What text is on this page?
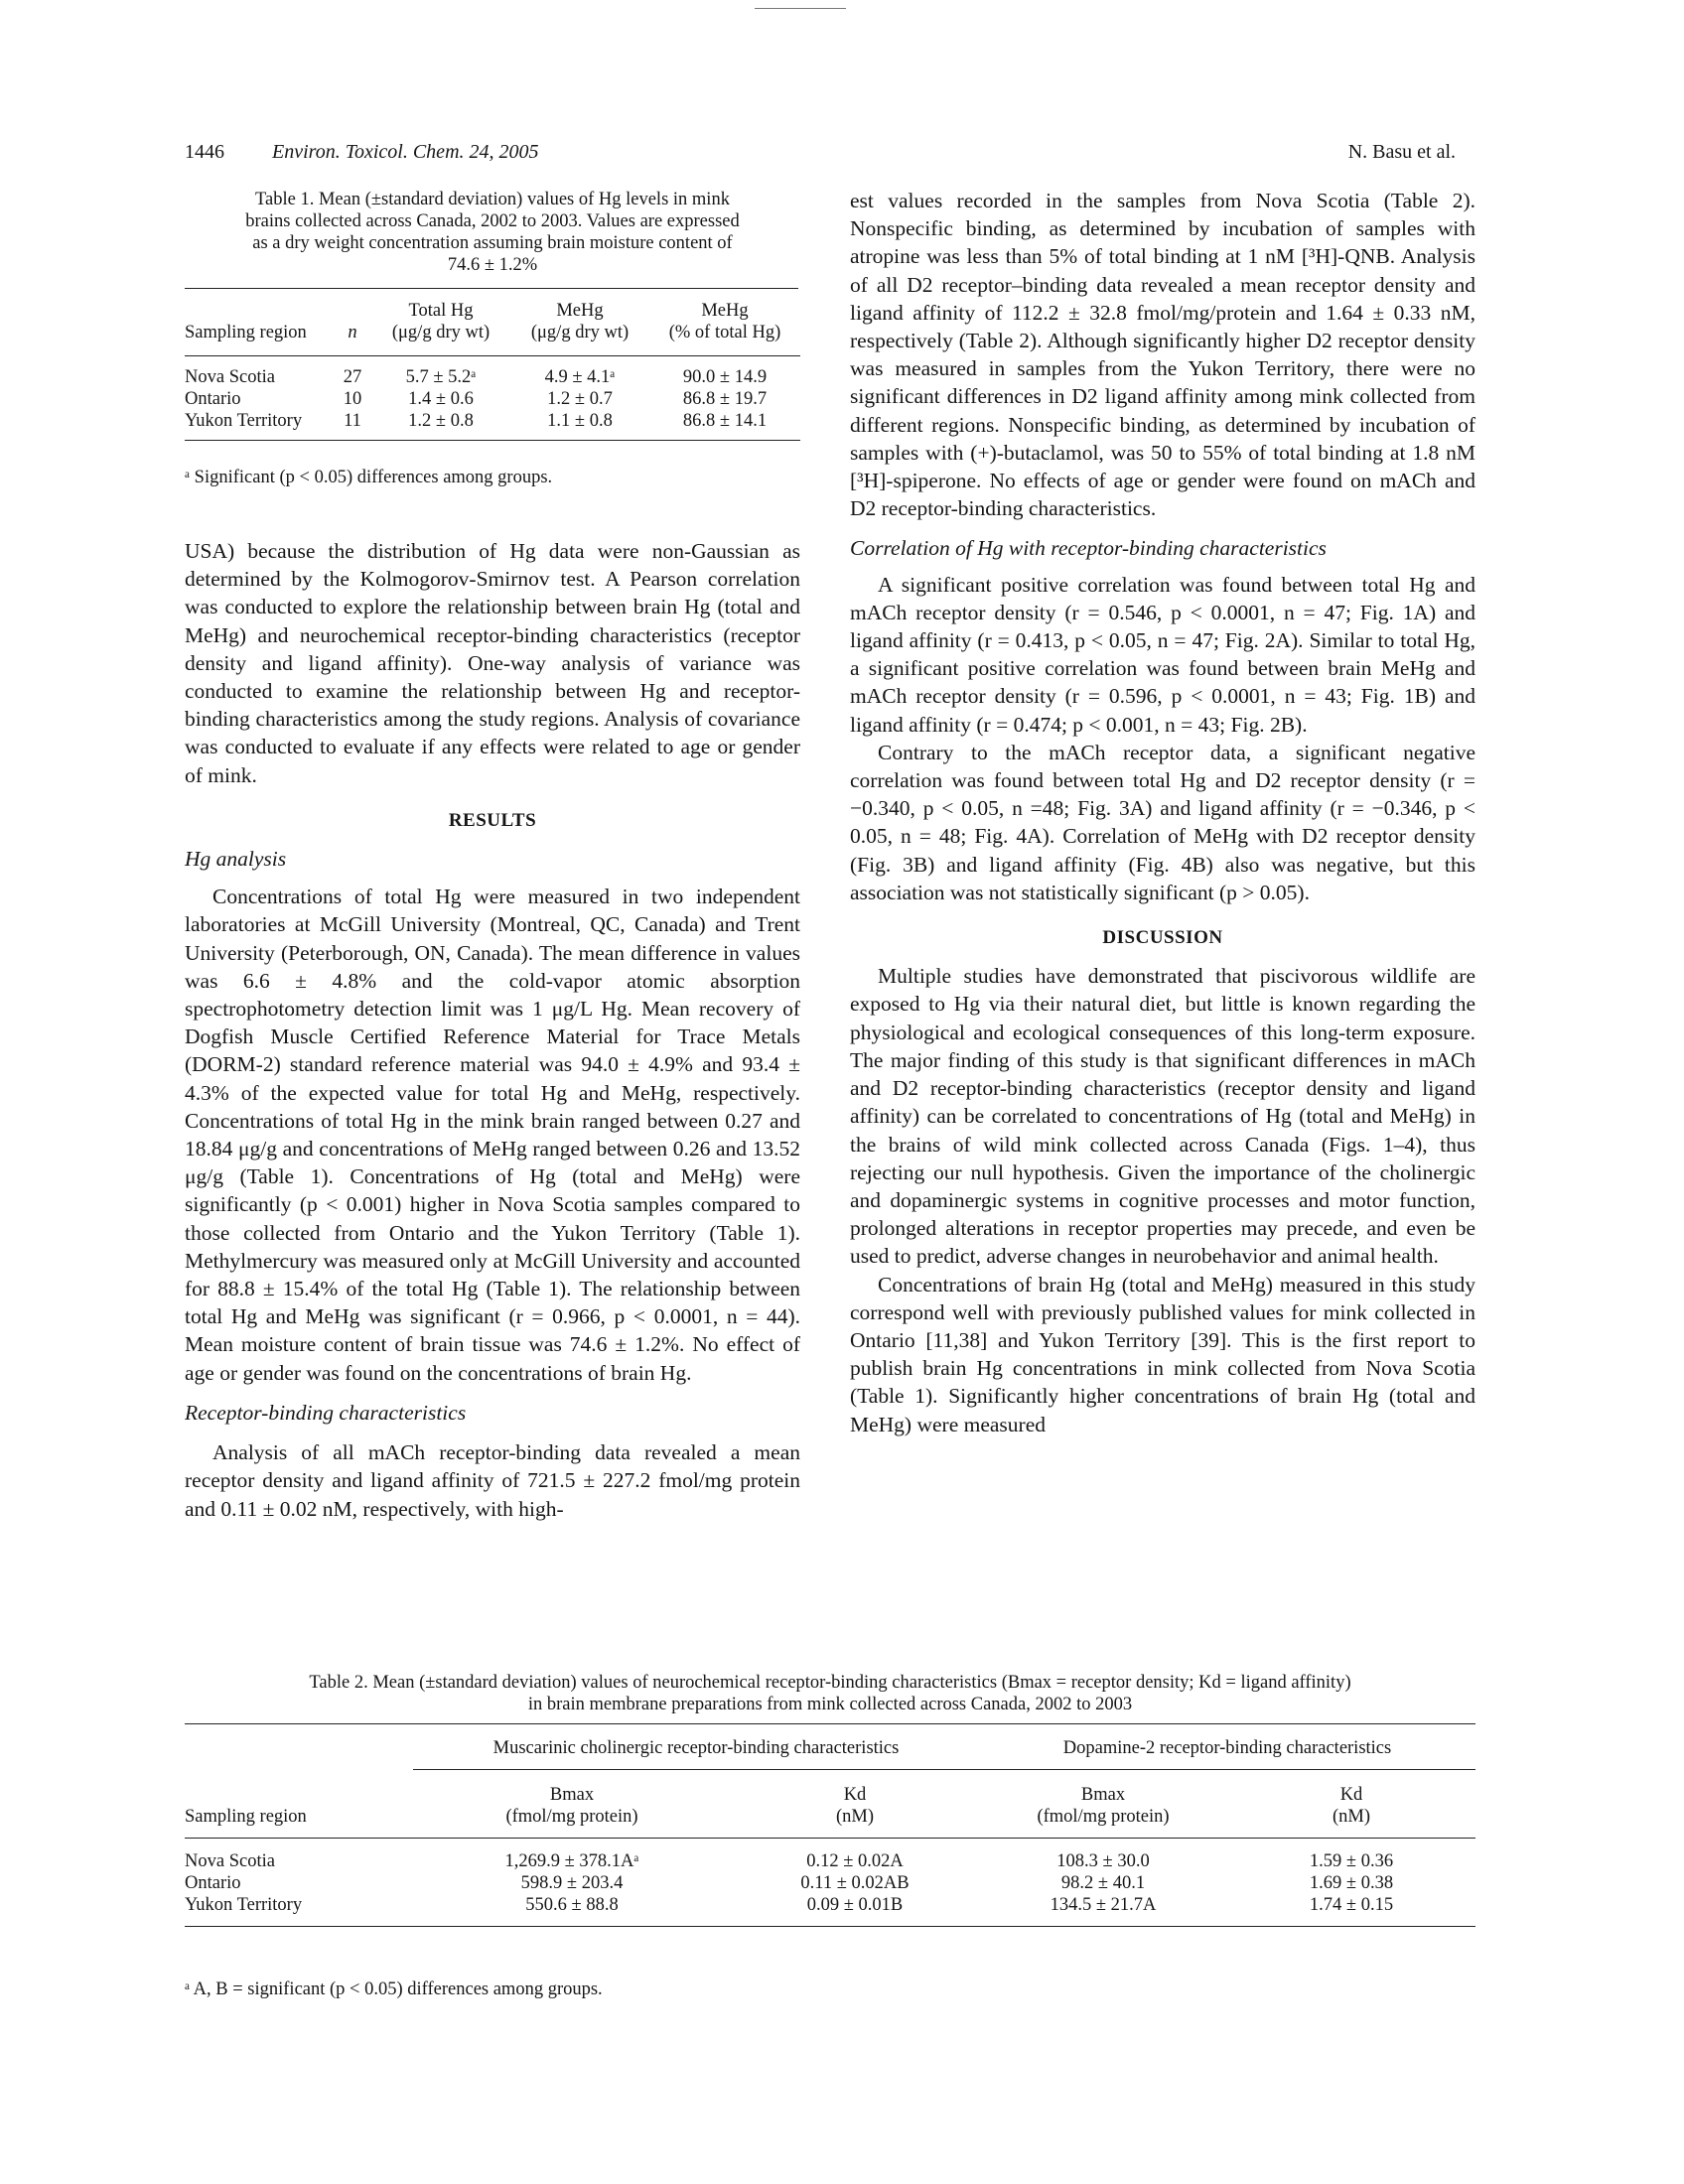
1446 Environ. Toxicol. Chem. 24, 2005	N. Basu et al.
Table 1. Mean (±standard deviation) values of Hg levels in mink
brains collected across Canada, 2002 to 2003. Values are expressed
as a dry weight concentration assuming brain moisture content of
74.6 ± 1.2%
		Total Hg	MeHg	MeHg
Sampling region	n	(μg/g dry wt)	(μg/g dry wt)	(% of total Hg)

Nova Scotia	27	5.7 ± 5.2ᵃ	4.9 ± 4.1ᵃ	90.0 ± 14.9
Ontario	10	1.4 ± 0.6	1.2 ± 0.7	86.8 ± 19.7
Yukon Territory	11	1.2 ± 0.8	1.1 ± 0.8	86.8 ± 14.1

ᵃ Significant (p < 0.05) differences among groups.

USA) because the distribution of Hg data were non-Gaussian as determined by the Kolmogorov-Smirnov test. A Pearson correlation was conducted to explore the relationship between brain Hg (total and MeHg) and neurochemical receptor-binding characteristics (receptor density and ligand affinity). One-way analysis of variance was conducted to examine the relationship between Hg and receptor-binding characteristics among the study regions. Analysis of covariance was conducted to evaluate if any effects were related to age or gender of mink.

RESULTS
Hg analysis

Concentrations of total Hg were measured in two independent laboratories at McGill University (Montreal, QC, Canada) and Trent University (Peterborough, ON, Canada). The mean difference in values was 6.6 ± 4.8% and the cold-vapor atomic absorption spectrophotometry detection limit was 1 μg/L Hg. Mean recovery of Dogfish Muscle Certified Reference Material for Trace Metals (DORM-2) standard reference material was 94.0 ± 4.9% and 93.4 ± 4.3% of the expected value for total Hg and MeHg, respectively. Concentrations of total Hg in the mink brain ranged between 0.27 and 18.84 μg/g and concentrations of MeHg ranged between 0.26 and 13.52 μg/g (Table 1). Concentrations of Hg (total and MeHg) were significantly (p < 0.001) higher in Nova Scotia samples compared to those collected from Ontario and the Yukon Territory (Table 1). Methylmercury was measured only at McGill University and accounted for 88.8 ± 15.4% of the total Hg (Table 1). The relationship between total Hg and MeHg was significant (r = 0.966, p < 0.0001, n = 44). Mean moisture content of brain tissue was 74.6 ± 1.2%. No effect of age or gender was found on the concentrations of brain Hg.

Receptor-binding characteristics

Analysis of all mACh receptor-binding data revealed a mean receptor density and ligand affinity of 721.5 ± 227.2 fmol/mg protein and 0.11 ± 0.02 nM, respectively, with high-

est values recorded in the samples from Nova Scotia (Table 2). Nonspecific binding, as determined by incubation of samples with atropine was less than 5% of total binding at 1 nM [³H]-QNB. Analysis of all D2 receptor–binding data revealed a mean receptor density and ligand affinity of 112.2 ± 32.8 fmol/mg/protein and 1.64 ± 0.33 nM, respectively (Table 2). Although significantly higher D2 receptor density was measured in samples from the Yukon Territory, there were no significant differences in D2 ligand affinity among mink collected from different regions. Nonspecific binding, as determined by incubation of samples with (+)-butaclamol, was 50 to 55% of total binding at 1.8 nM [³H]-spiperone. No effects of age or gender were found on mACh and D2 receptor-binding characteristics.

Correlation of Hg with receptor-binding characteristics

A significant positive correlation was found between total Hg and mACh receptor density (r = 0.546, p < 0.0001, n = 47; Fig. 1A) and ligand affinity (r = 0.413, p < 0.05, n = 47; Fig. 2A). Similar to total Hg, a significant positive correlation was found between brain MeHg and mACh receptor density (r = 0.596, p < 0.0001, n = 43; Fig. 1B) and ligand affinity (r = 0.474; p < 0.001, n = 43; Fig. 2B).

Contrary to the mACh receptor data, a significant negative correlation was found between total Hg and D2 receptor density (r = −0.340, p < 0.05, n =48; Fig. 3A) and ligand affinity (r = −0.346, p < 0.05, n = 48; Fig. 4A). Correlation of MeHg with D2 receptor density (Fig. 3B) and ligand affinity (Fig. 4B) also was negative, but this association was not statistically significant (p > 0.05).

DISCUSSION

Multiple studies have demonstrated that piscivorous wildlife are exposed to Hg via their natural diet, but little is known regarding the physiological and ecological consequences of this long-term exposure. The major finding of this study is that significant differences in mACh and D2 receptor-binding characteristics (receptor density and ligand affinity) can be correlated to concentrations of Hg (total and MeHg) in the brains of wild mink collected across Canada (Figs. 1–4), thus rejecting our null hypothesis. Given the importance of the cholinergic and dopaminergic systems in cognitive processes and motor function, prolonged alterations in receptor properties may precede, and even be used to predict, adverse changes in neurobehavior and animal health.

Concentrations of brain Hg (total and MeHg) measured in this study correspond well with previously published values for mink collected in Ontario [11,38] and Yukon Territory [39]. This is the first report to publish brain Hg concentrations in mink collected from Nova Scotia (Table 1). Significantly higher concentrations of brain Hg (total and MeHg) were measured

Table 2. Mean (±standard deviation) values of neurochemical receptor-binding characteristics (Bmax = receptor density; Kd = ligand affinity)
in brain membrane preparations from mink collected across Canada, 2002 to 2003
	Muscarinic cholinergic receptor-binding characteristics		Dopamine-2 receptor-binding characteristics	

	Bmax	Kd	Bmax	Kd
Sampling region	(fmol/mg protein)	(nM)	(fmol/mg protein)	(nM)

Nova Scotia	1,269.9 ± 378.1Aᵃ	0.12 ± 0.02A	108.3 ± 30.0	1.59 ± 0.36
Ontario	598.9 ± 203.4	0.11 ± 0.02AB	98.2 ± 40.1	1.69 ± 0.38
Yukon Territory	550.6 ± 88.8	0.09 ± 0.01B	134.5 ± 21.7A	1.74 ± 0.15

ᵃ A, B = significant (p < 0.05) differences among groups.
